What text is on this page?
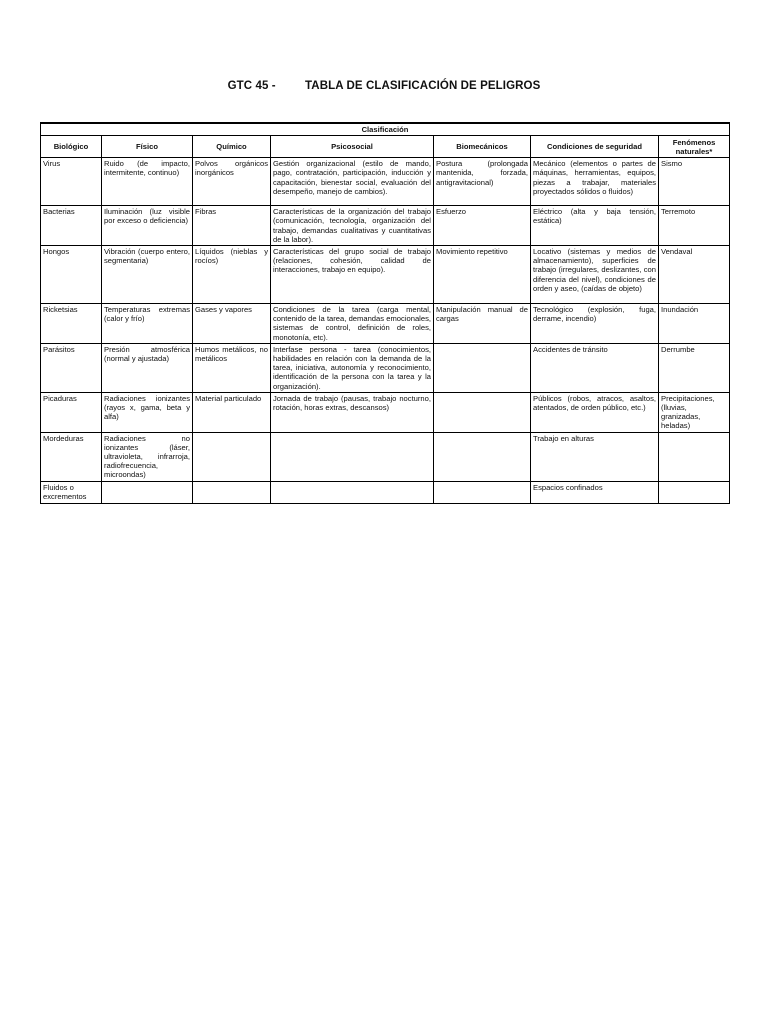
GTC 45 -	TABLA DE CLASIFICACIÓN DE PELIGROS
Clasificación						
Biológico	Físico	Químico	Psicosocial	Biomecánicos	Condiciones de seguridad	Fenómenos naturales*
Virus	Ruido (de impacto, intermitente, continuo)	Polvos orgánicos inorgánicos	Gestión organizacional (estilo de mando, pago, contratación, participación, inducción y capacitación, bienestar social, evaluación del desempeño, manejo de cambios).	Postura (prolongada mantenida, forzada, antigravitacional)	Mecánico (elementos o partes de máquinas, herramientas, equipos, piezas a trabajar, materiales proyectados sólidos o fluidos)	Sismo
Bacterias	Iluminación (luz visible por exceso o deficiencia)	Fibras	Características de la organización del trabajo (comunicación, tecnología, organización del trabajo, demandas cualitativas y cuantitativas de la labor).	Esfuerzo	Eléctrico (alta y baja tensión, estática)	Terremoto
Hongos	Vibración (cuerpo entero, segmentaria)	Líquidos (nieblas y rocíos)	Características del grupo social de trabajo (relaciones, cohesión, calidad de interacciones, trabajo en equipo).	Movimiento repetitivo	Locativo (sistemas y medios de almacenamiento), superficies de trabajo (irregulares, deslizantes, con diferencia del nivel), condiciones de orden y aseo, (caídas de objeto)	Vendaval
Ricketsias	Temperaturas extremas (calor y frío)	Gases y vapores	Condiciones de la tarea (carga mental, contenido de la tarea, demandas emocionales, sistemas de control, definición de roles, monotonía, etc).	Manipulación manual de cargas	Tecnológico (explosión, fuga, derrame, incendio)	Inundación
Parásitos	Presión atmosférica (normal y ajustada)	Humos metálicos, no metálicos	Interfase persona - tarea (conocimientos, habilidades en relación con la demanda de la tarea, iniciativa, autonomía y reconocimiento, identificación de la persona con la tarea y la organización).		Accidentes de tránsito	Derrumbe
Picaduras	Radiaciones ionizantes (rayos x, gama, beta y alfa)	Material particulado	Jornada de trabajo (pausas, trabajo nocturno, rotación, horas extras, descansos)		Públicos (robos, atracos, asaltos, atentados, de orden público, etc.)	Precipitaciones, (lluvias, granizadas, heladas)
Mordeduras	Radiaciones no ionizantes (láser, ultravioleta, infrarroja, radiofrecuencia, microondas)				Trabajo en alturas	
Fluidos o excrementos					Espacios confinados	
